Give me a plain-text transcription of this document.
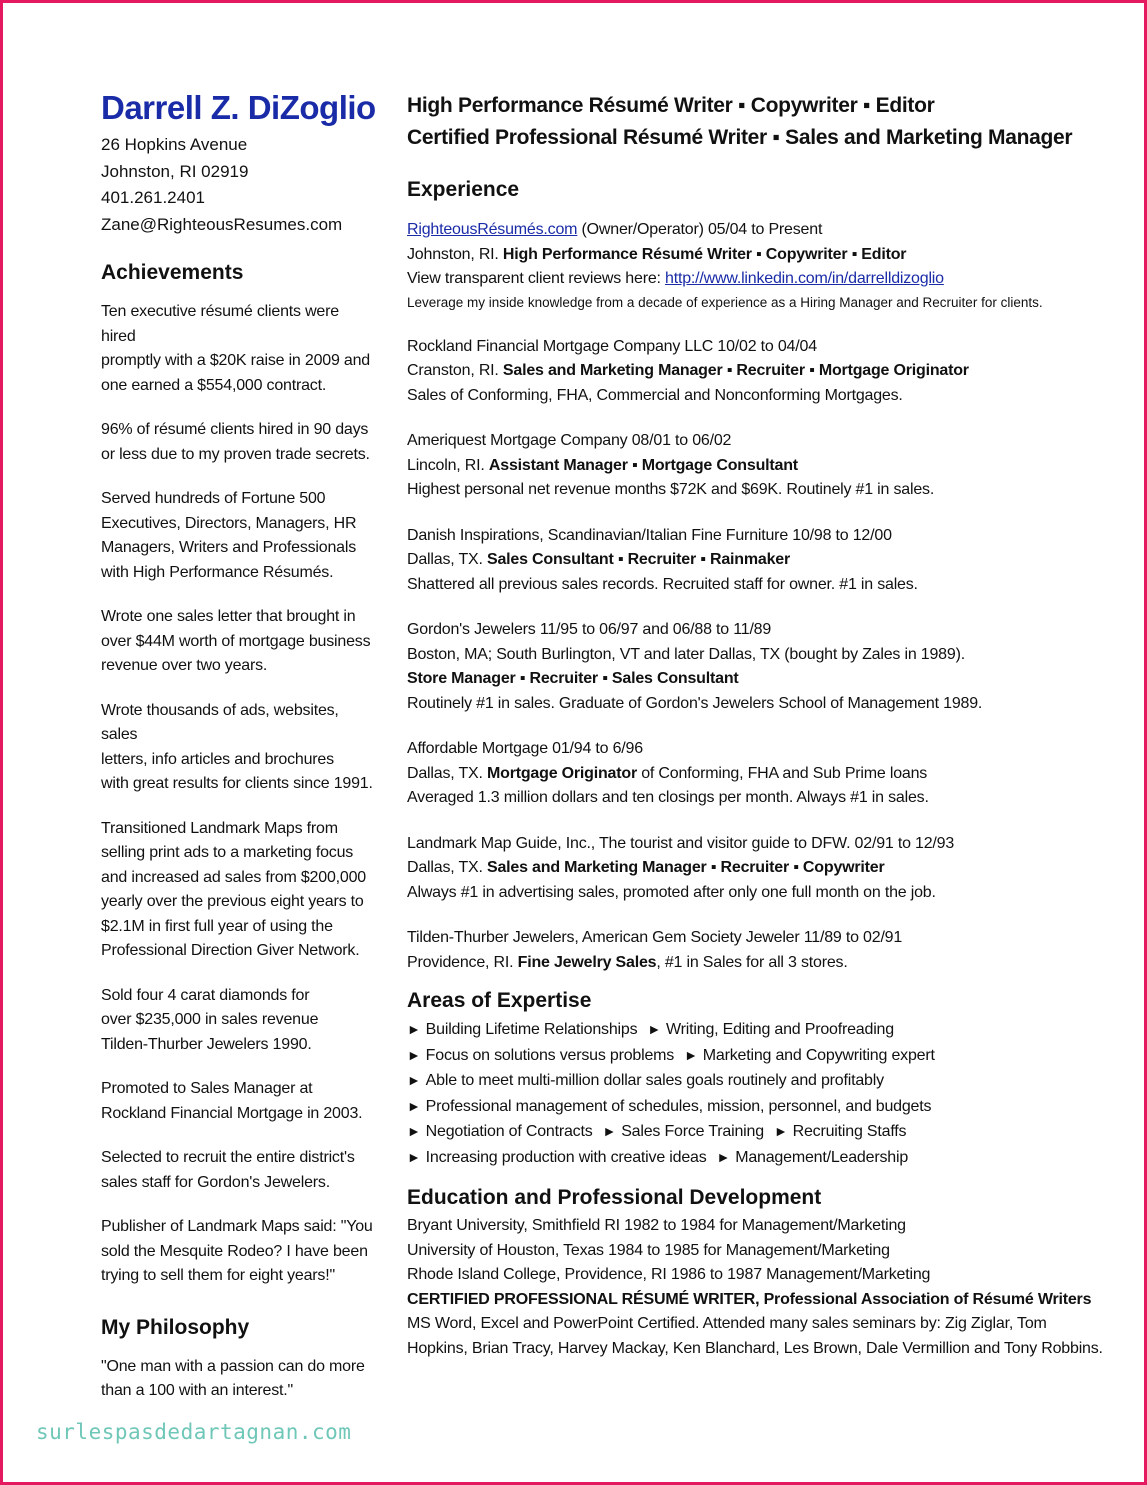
Darrell Z. DiZoglio
26 Hopkins Avenue
Johnston, RI 02919
401.261.2401
Zane@RighteousResumes.com
Achievements
Ten executive résumé clients were hired
promptly with a $20K raise in 2009 and
one earned a $554,000 contract.
96% of résumé clients hired in 90 days
or less due to my proven trade secrets.
Served hundreds of Fortune 500
Executives, Directors, Managers, HR
Managers, Writers and Professionals
with High Performance Résumés.
Wrote one sales letter that brought in
over $44M worth of mortgage business
revenue over two years.
Wrote thousands of ads, websites, sales
letters, info articles and brochures
with great results for clients since 1991.
Transitioned Landmark Maps from
selling print ads to a marketing focus
and increased ad sales from $200,000
yearly over the previous eight years to
$2.1M in first full year of using the
Professional Direction Giver Network.
Sold four 4 carat diamonds for
over $235,000 in sales revenue
Tilden-Thurber Jewelers 1990.
Promoted to Sales Manager at
Rockland Financial Mortgage in 2003.
Selected to recruit the entire district's
sales staff for Gordon's Jewelers.
Publisher of Landmark Maps said: "You
sold the Mesquite Rodeo? I have been
trying to sell them for eight years!"
My Philosophy
"One man with a passion can do more
than a 100 with an interest."
High Performance Résumé Writer ▪ Copywriter ▪ Editor
Certified Professional Résumé Writer ▪ Sales and Marketing Manager
Experience
RighteousRésumés.com (Owner/Operator) 05/04 to Present
Johnston, RI. High Performance Résumé Writer ▪ Copywriter ▪ Editor
View transparent client reviews here: http://www.linkedin.com/in/darrelldizoglio
Leverage my inside knowledge from a decade of experience as a Hiring Manager and Recruiter for clients.
Rockland Financial Mortgage Company LLC 10/02 to 04/04
Cranston, RI. Sales and Marketing Manager ▪ Recruiter ▪ Mortgage Originator
Sales of Conforming, FHA, Commercial and Nonconforming Mortgages.
Ameriquest Mortgage Company 08/01 to 06/02
Lincoln, RI. Assistant Manager ▪ Mortgage Consultant
Highest personal net revenue months $72K and $69K. Routinely #1 in sales.
Danish Inspirations, Scandinavian/Italian Fine Furniture 10/98 to 12/00
Dallas, TX. Sales Consultant ▪ Recruiter ▪ Rainmaker
Shattered all previous sales records. Recruited staff for owner. #1 in sales.
Gordon's Jewelers 11/95 to 06/97 and 06/88 to 11/89
Boston, MA; South Burlington, VT and later Dallas, TX (bought by Zales in 1989).
Store Manager ▪ Recruiter ▪ Sales Consultant
Routinely #1 in sales. Graduate of Gordon's Jewelers School of Management 1989.
Affordable Mortgage 01/94 to 6/96
Dallas, TX. Mortgage Originator of Conforming, FHA and Sub Prime loans
Averaged 1.3 million dollars and ten closings per month. Always #1 in sales.
Landmark Map Guide, Inc., The tourist and visitor guide to DFW. 02/91 to 12/93
Dallas, TX. Sales and Marketing Manager ▪ Recruiter ▪ Copywriter
Always #1 in advertising sales, promoted after only one full month on the job.
Tilden-Thurber Jewelers, American Gem Society Jeweler 11/89 to 02/91
Providence, RI. Fine Jewelry Sales, #1 in Sales for all 3 stores.
Areas of Expertise
► Building Lifetime Relationships ► Writing, Editing and Proofreading
► Focus on solutions versus problems ► Marketing and Copywriting expert
► Able to meet multi-million dollar sales goals routinely and profitably
► Professional management of schedules, mission, personnel, and budgets
► Negotiation of Contracts ► Sales Force Training ► Recruiting Staffs
► Increasing production with creative ideas ► Management/Leadership
Education and Professional Development
Bryant University, Smithfield RI 1982 to 1984 for Management/Marketing
University of Houston, Texas 1984 to 1985 for Management/Marketing
Rhode Island College, Providence, RI 1986 to 1987 Management/Marketing
CERTIFIED PROFESSIONAL RÉSUMÉ WRITER, Professional Association of Résumé Writers
MS Word, Excel and PowerPoint Certified. Attended many sales seminars by: Zig Ziglar, Tom
Hopkins, Brian Tracy, Harvey Mackay, Ken Blanchard, Les Brown, Dale Vermillion and Tony Robbins.
surlespasdedartagnan.com
